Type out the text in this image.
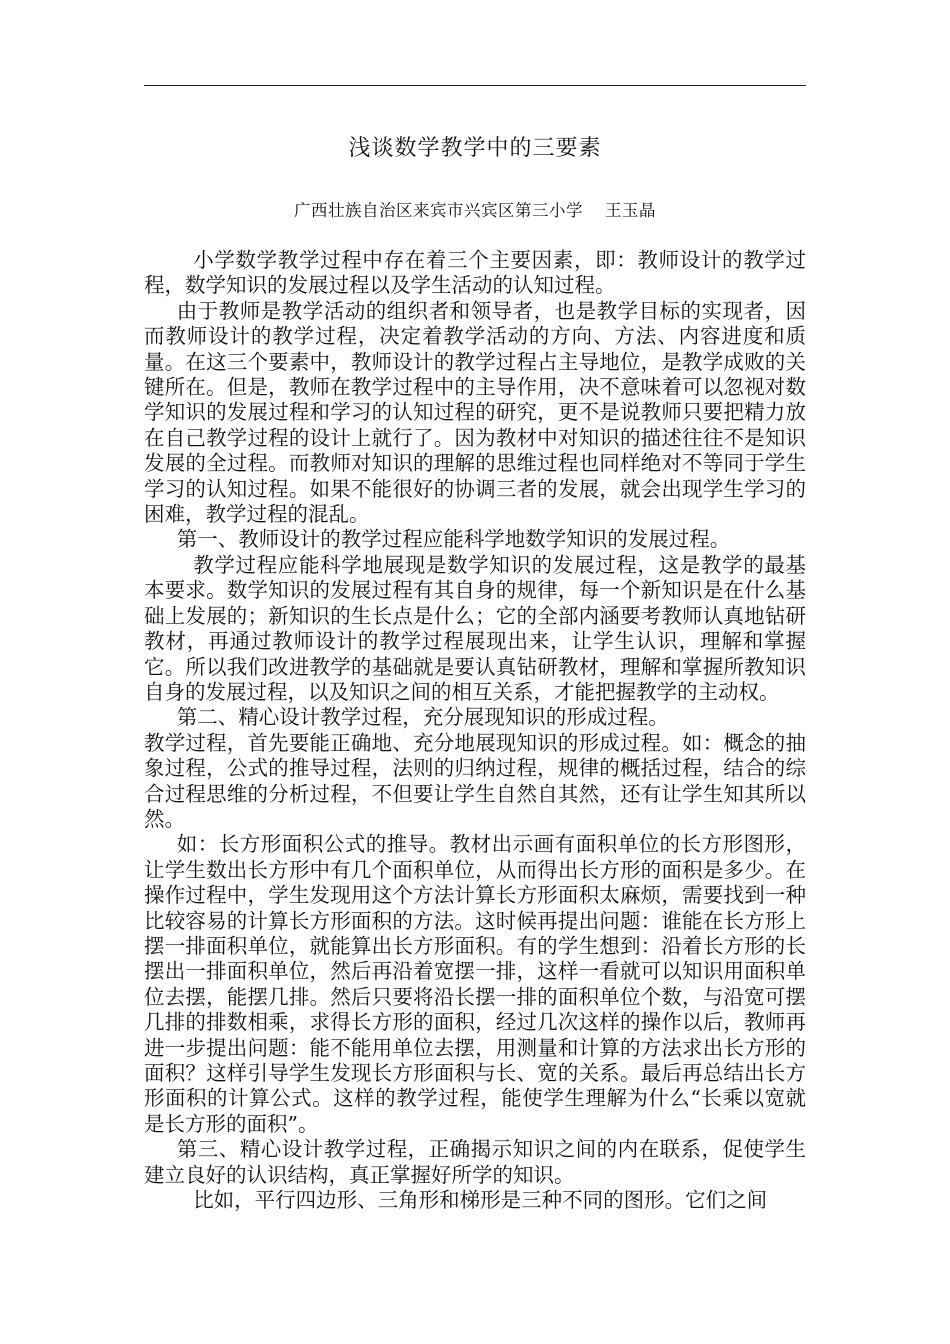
浅谈数学教学中的三要素
广西壮族自治区来宾市兴宾区第三小学 王玉晶

小学数学教学过程中存在着三个主要因素，即：教师设计的教学过程，数学知识的发展过程以及学生活动的认知过程。

由于教师是教学活动的组织者和领导者，也是教学目标的实现者，因而教师设计的教学过程，决定着教学活动的方向、方法、内容进度和质量。在这三个要素中，教师设计的教学过程占主导地位，是教学成败的关键所在。但是，教师在教学过程中的主导作用，决不意味着可以忽视对数学知识的发展过程和学习的认知过程的研究，更不是说教师只要把精力放在自己教学过程的设计上就行了。因为教材中对知识的描述往往不是知识发展的全过程。而教师对知识的理解的思维过程也同样绝对不等同于学生学习的认知过程。如果不能很好的协调三者的发展，就会出现学生学习的困难，教学过程的混乱。

第一、教师设计的教学过程应能科学地数学知识的发展过程。

教学过程应能科学地展现是数学知识的发展过程，这是教学的最基本要求。数学知识的发展过程有其自身的规律，每一个新知识是在什么基础上发展的；新知识的生长点是什么；它的全部内涵要考教师认真地钻研教材，再通过教师设计的教学过程展现出来，让学生认识，理解和掌握它。所以我们改进教学的基础就是要认真钻研教材，理解和掌握所教知识自身的发展过程，以及知识之间的相互关系，才能把握教学的主动权。

第二、精心设计教学过程，充分展现知识的形成过程。

教学过程，首先要能正确地、充分地展现知识的形成过程。如：概念的抽象过程，公式的推导过程，法则的归纳过程，规律的概括过程，结合的综合过程思维的分析过程，不但要让学生自然自其然，还有让学生知其所以然。

如：长方形面积公式的推导。教材出示画有面积单位的长方形图形，让学生数出长方形中有几个面积单位，从而得出长方形的面积是多少。在操作过程中，学生发现用这个方法计算长方形面积太麻烦，需要找到一种比较容易的计算长方形面积的方法。这时候再提出问题：谁能在长方形上摆一排面积单位，就能算出长方形面积。有的学生想到：沿着长方形的长摆出一排面积单位，然后再沿着宽摆一排，这样一看就可以知识用面积单位去摆，能摆几排。然后只要将沿长摆一排的面积单位个数，与沿宽可摆几排的排数相乘，求得长方形的面积，经过几次这样的操作以后，教师再进一步提出问题：能不能用单位去摆，用测量和计算的方法求出长方形的面积？这样引导学生发现长方形面积与长、宽的关系。最后再总结出长方形面积的计算公式。这样的教学过程，能使学生理解为什么“长乘以宽就是长方形的面积”。

第三、精心设计教学过程，正确揭示知识之间的内在联系，促使学生建立良好的认识结构，真正掌握好所学的知识。

比如，平行四边形、三角形和梯形是三种不同的图形。它们之间
